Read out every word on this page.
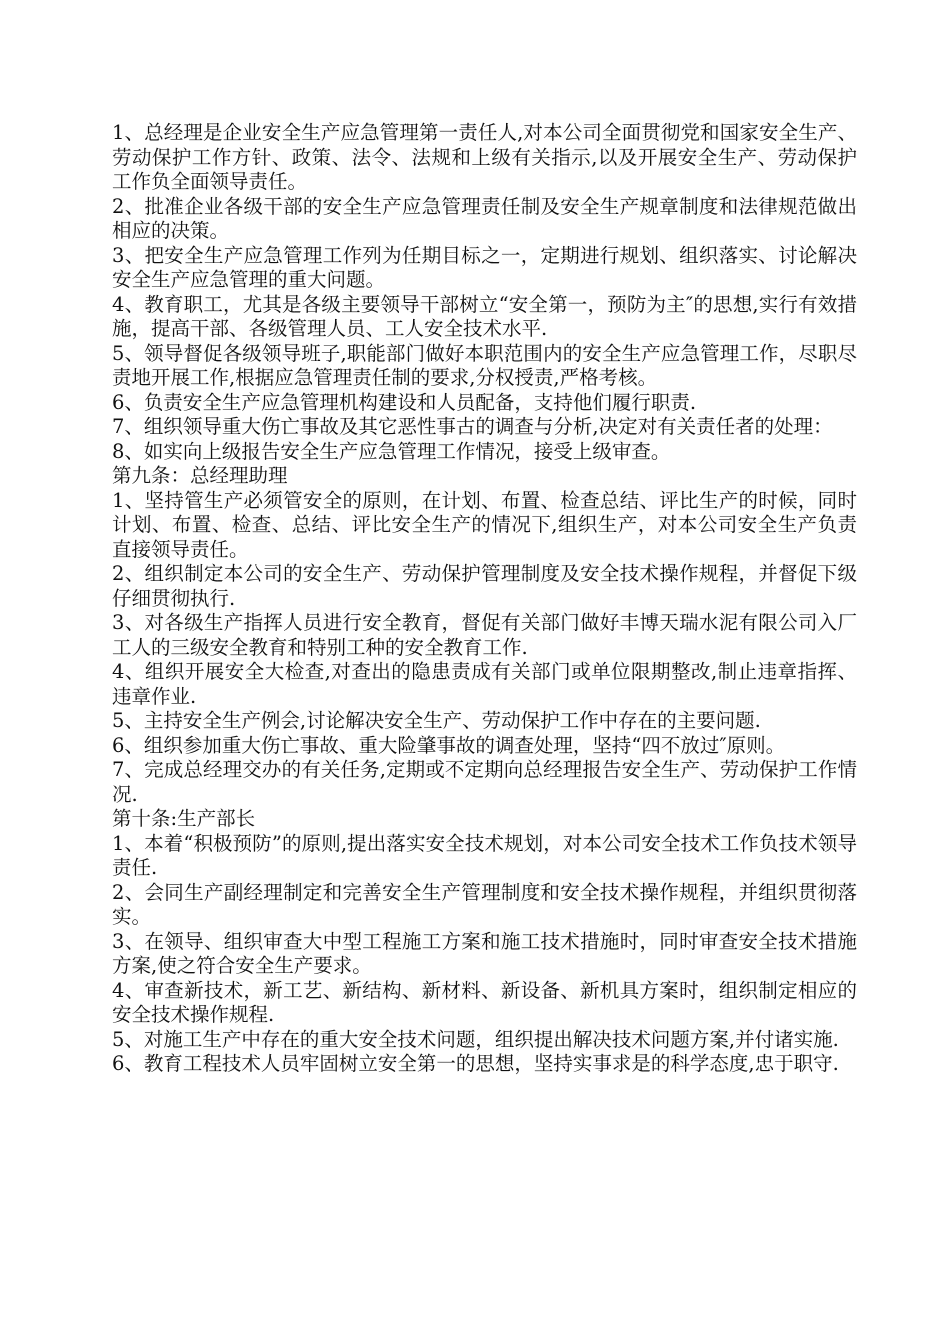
1、总经理是企业安全生产应急管理第一责任人,对本公司全面贯彻党和国家安全生产、劳动保护工作方针、政策、法令、法规和上级有关指示,以及开展安全生产、劳动保护工作负全面领导责任。

2、批准企业各级干部的安全生产应急管理责任制及安全生产规章制度和法律规范做出相应的决策。

3、把安全生产应急管理工作列为任期目标之一，定期进行规划、组织落实、讨论解决安全生产应急管理的重大问题。

4、教育职工，尤其是各级主要领导干部树立“安全第一，预防为主″的思想,实行有效措施，提高干部、各级管理人员、工人安全技术水平.

5、领导督促各级领导班子,职能部门做好本职范围内的安全生产应急管理工作，尽职尽责地开展工作,根据应急管理责任制的要求,分权授责,严格考核。

6、负责安全生产应急管理机构建设和人员配备，支持他们履行职责.

7、组织领导重大伤亡事故及其它恶性事古的调查与分析,决定对有关责任者的处理：

8、如实向上级报告安全生产应急管理工作情况，接受上级审查。

第九条：总经理助理

1、坚持管生产必须管安全的原则，在计划、布置、检查总结、评比生产的时候，同时计划、布置、检查、总结、评比安全生产的情况下,组织生产，对本公司安全生产负责直接领导责任。

2、组织制定本公司的安全生产、劳动保护管理制度及安全技术操作规程，并督促下级仔细贯彻执行.

3、对各级生产指挥人员进行安全教育，督促有关部门做好丰博天瑞水泥有限公司入厂工人的三级安全教育和特别工种的安全教育工作.

4、组织开展安全大检查,对查出的隐患责成有关部门或单位限期整改,制止违章指挥、违章作业.

5、主持安全生产例会,讨论解决安全生产、劳动保护工作中存在的主要问题.

6、组织参加重大伤亡事故、重大险肇事故的调查处理，坚持“四不放过″原则。

7、完成总经理交办的有关任务,定期或不定期向总经理报告安全生产、劳动保护工作情况.

第十条:生产部长

1、本着“积极预防”的原则,提出落实安全技术规划，对本公司安全技术工作负技术领导责任.

2、会同生产副经理制定和完善安全生产管理制度和安全技术操作规程，并组织贯彻落实。

3、在领导、组织审查大中型工程施工方案和施工技术措施时，同时审查安全技术措施方案,使之符合安全生产要求。

4、审查新技术，新工艺、新结构、新材料、新设备、新机具方案时，组织制定相应的安全技术操作规程.

5、对施工生产中存在的重大安全技术问题，组织提出解决技术问题方案,并付诸实施.

6、教育工程技术人员牢固树立安全第一的思想，坚持实事求是的科学态度,忠于职守.
